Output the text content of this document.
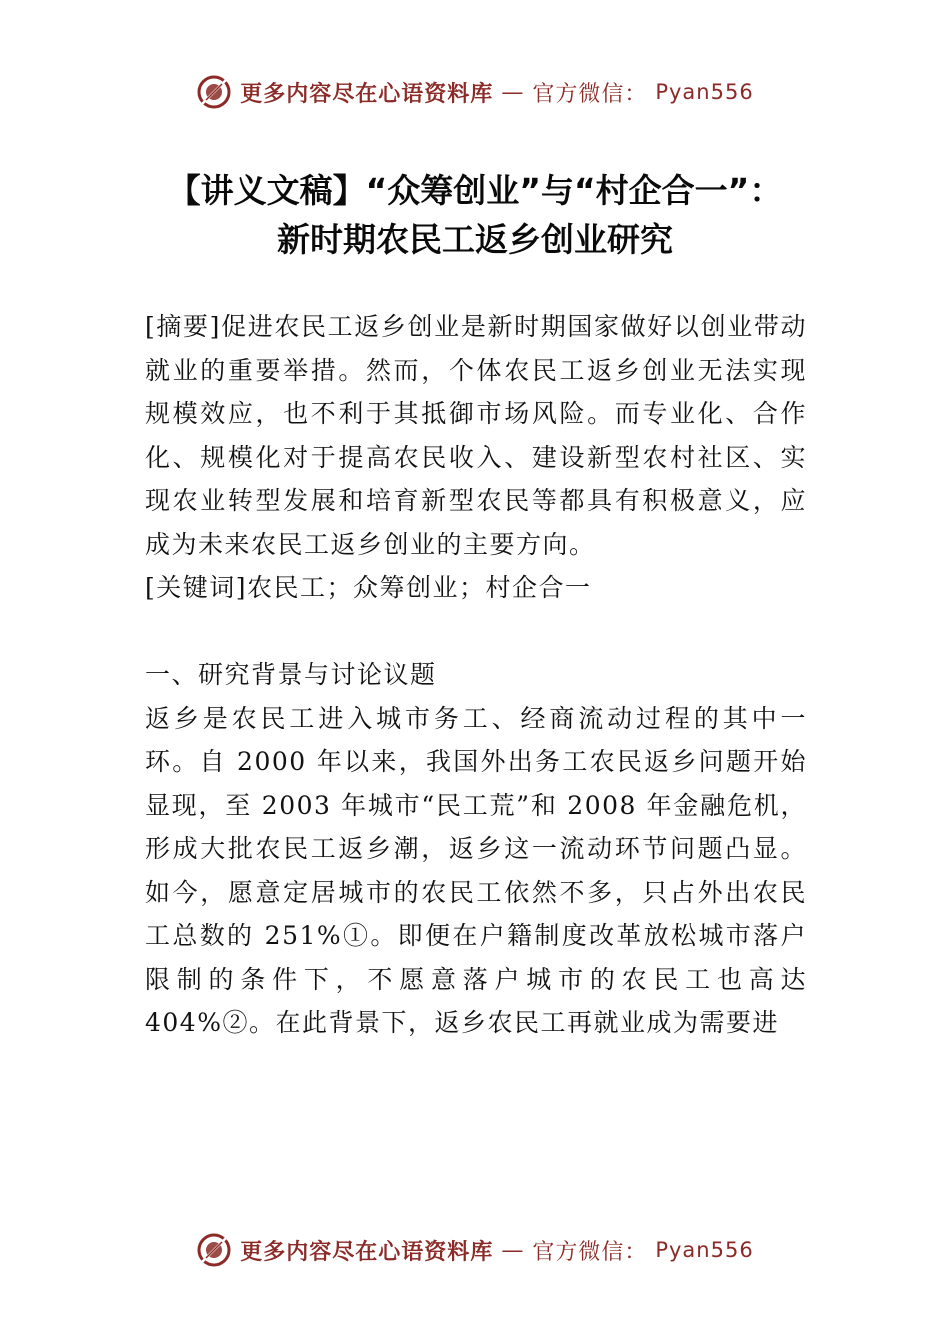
更多内容尽在心语资料库 — 官方微信： Pyan556
【讲义文稿】“众筹创业”与“村企合一”：
新时期农民工返乡创业研究

[摘要]促进农民工返乡创业是新时期国家做好以创业带动就业的重要举措。然而，个体农民工返乡创业无法实现规模效应，也不利于其抵御市场风险。而专业化、合作化、规模化对于提高农民收入、建设新型农村社区、实现农业转型发展和培育新型农民等都具有积极意义，应成为未来农民工返乡创业的主要方向。

[关键词]农民工；众筹创业；村企合一

一、研究背景与讨论议题

返乡是农民工进入城市务工、经商流动过程的其中一环。自 2000 年以来，我国外出务工农民返乡问题开始显现，至 2003 年城市“民工荒”和 2008 年金融危机，形成大批农民工返乡潮，返乡这一流动环节问题凸显。如今，愿意定居城市的农民工依然不多，只占外出农民工总数的 251%①。即便在户籍制度改革放松城市落户限制的条件下，不愿意落户城市的农民工也高达 404%②。在此背景下，返乡农民工再就业成为需要进

更多内容尽在心语资料库 — 官方微信： Pyan556
